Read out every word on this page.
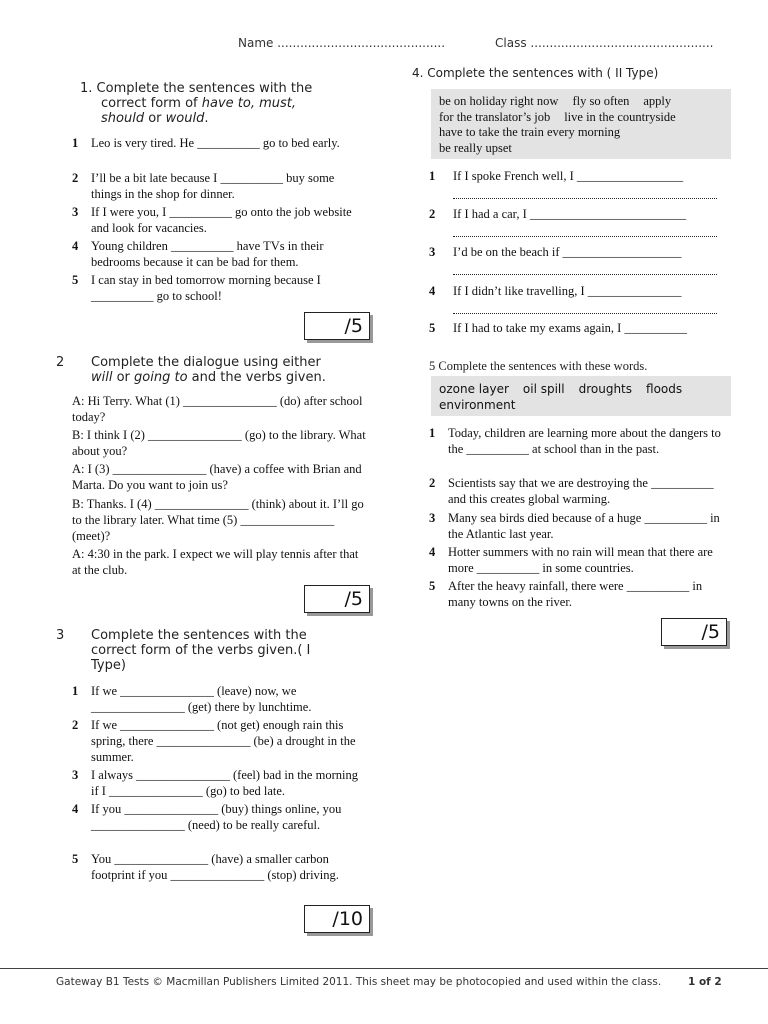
Name ............................................	Class ................................................
1. Complete the sentences with the
correct form of have to, must,
should or would.
1	Leo is very tired. He __________ go to bed early.
2	I’ll be a bit late because I __________ buy some things in the shop for dinner.
3	If I were you, I __________ go onto the job website and look for vacancies.
4	Young children __________ have TVs in their bedrooms because it can be bad for them.
5	I can stay in bed tomorrow morning because I __________ go to school!
/5
2	Complete the dialogue using either
will or going to and the verbs given.
A: Hi Terry. What (1) _______________ (do) after school today?
B: I think I (2) _______________ (go) to the library. What about you?
A: I (3) _______________ (have) a coffee with Brian and Marta. Do you want to join us?
B: Thanks. I (4) _______________ (think) about it. I’ll go to the library later. What time (5) _______________ (meet)?
A: 4:30 in the park. I expect we will play tennis after that at the club.
/5
3	Complete the sentences with the
correct form of the verbs given.( I
Type)
1	If we _______________ (leave) now, we _______________ (get) there by lunchtime.
2	If we _______________ (not get) enough rain this spring, there _______________ (be) a drought in the summer.
3	I always _______________ (feel) bad in the morning if I _______________ (go) to bed late.
4	If you _______________ (buy) things online, you _______________ (need) to be really careful.
5	You _______________ (have) a smaller carbon footprint if you _______________ (stop) driving.
/10
4. Complete the sentences with ( II Type)
be on holiday right now fly so often apply
for the translator’s job live in the countryside
have to take the train every morning
be really upset
1	If I spoke French well, I _________________
2	If I had a car, I _________________________
3	I’d be on the beach if ___________________
4	If I didn’t like travelling, I _______________
5	If I had to take my exams again, I __________
5 Complete the sentences with these words.
ozone layer oil spill droughts floods
environment
1	Today, children are learning more about the dangers to the __________ at school than in the past.
2	Scientists say that we are destroying the __________ and this creates global warming.
3	Many sea birds died because of a huge __________ in the Atlantic last year.
4	Hotter summers with no rain will mean that there are more __________ in some countries.
5	After the heavy rainfall, there were __________ in many towns on the river.
/5
Gateway B1 Tests © Macmillan Publishers Limited 2011. This sheet may be photocopied and used within the class.	1 of 2
